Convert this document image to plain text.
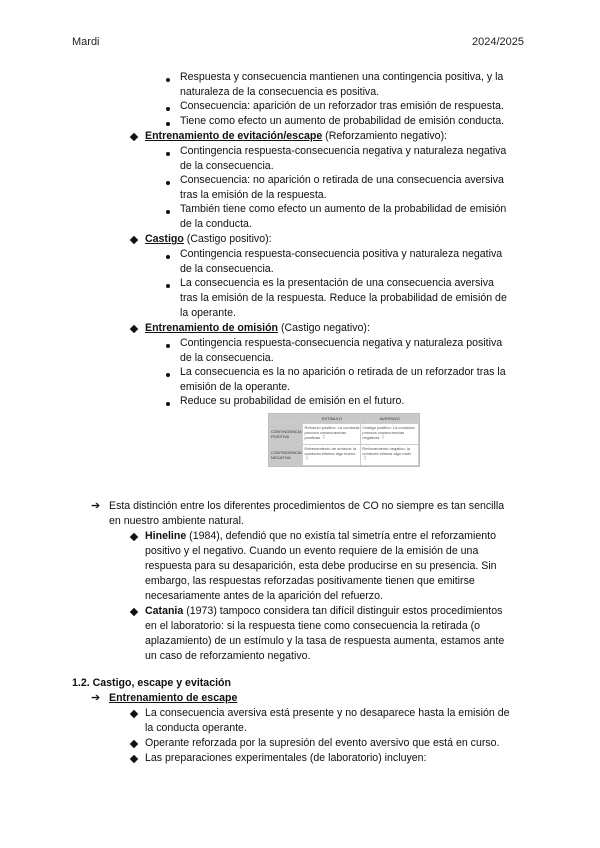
Mardi	2024/2025
Respuesta y consecuencia mantienen una contingencia positiva, y la
naturaleza de la consecuencia es positiva.
Consecuencia: aparición de un reforzador tras emisión de respuesta.
Tiene como efecto un aumento de probabilidad de emisión conducta.
Entrenamiento de evitación/escape (Reforzamiento negativo):
Contingencia respuesta-consecuencia negativa y naturaleza negativa
de la consecuencia.
Consecuencia: no aparición o retirada de una consecuencia aversiva
tras la emisión de la respuesta.
También tiene como efecto un aumento de la probabilidad de emisión
de la conducta.
Castigo (Castigo positivo):
Contingencia respuesta-consecuencia positiva y naturaleza negativa
de la consecuencia.
La consecuencia es la presentación de una consecuencia aversiva
tras la emisión de la respuesta. Reduce la probabilidad de emisión de
la operante.
Entrenamiento de omisión (Castigo negativo):
Contingencia respuesta-consecuencia negativa y naturaleza positiva
de la consecuencia.
La consecuencia es la no aparición o retirada de un reforzador tras la
emisión de la operante.
Reduce su probabilidad de emisión en el futuro.
	ESTÍMULO	AVERSIVO
CONTINGENCIA POSITIVA	Refuerzo positivo: La conducta provoca consecuencias positivas ⇧	Castigo positivo: La conducta provoca consecuencias negativas ⇩
CONTINGENCIA NEGATIVA	Entrenamiento de omisión: la conducta elimina algo bueno ⇩	Reforzamiento negativo: la conducta elimina algo malo ⇧
➔ Esta distinción entre los diferentes procedimientos de CO no siempre es tan sencilla
en nuestro ambiente natural.
Hineline (1984), defendió que no existía tal simetría entre el reforzamiento
positivo y el negativo. Cuando un evento requiere de la emisión de una
respuesta para su desaparición, esta debe producirse en su presencia. Sin
embargo, las respuestas reforzadas positivamente tienen que emitirse
necesariamente antes de la aparición del refuerzo.
Catania (1973) tampoco considera tan difícil distinguir estos procedimientos
en el laboratorio: si la respuesta tiene como consecuencia la retirada (o
aplazamiento) de un estímulo y la tasa de respuesta aumenta, estamos ante
un caso de reforzamiento negativo.
1.2. Castigo, escape y evitación
➔ Entrenamiento de escape
La consecuencia aversiva está presente y no desaparece hasta la emisión de
la conducta operante.
Operante reforzada por la supresión del evento aversivo que está en curso.
Las preparaciones experimentales (de laboratorio) incluyen:
